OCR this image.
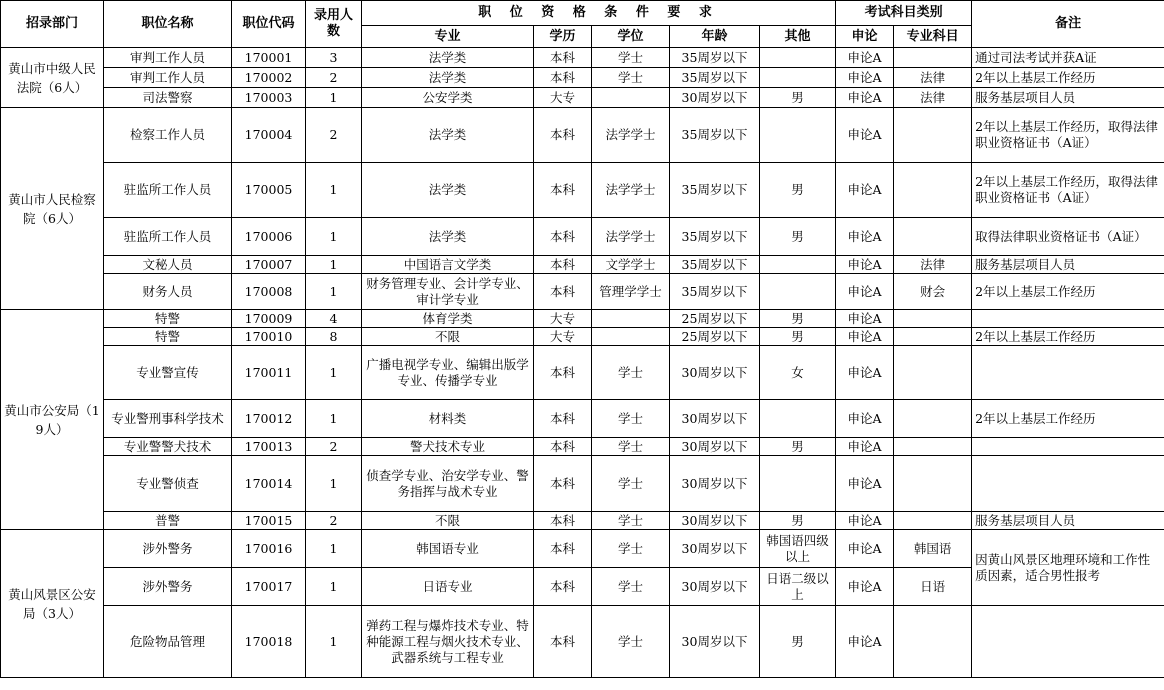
招录部门	职位名称	职位代码	录用人数	职 位 资 格 条 件 要 求					考试科目类别		备注
				专业	学历	学位	年龄	其他	申论	专业科目	
黄山市中级人民法院（6人）	审判工作人员	170001	3	法学类	本科	学士	35周岁以下		申论A		通过司法考试并获A证
	审判工作人员	170002	2	法学类	本科	学士	35周岁以下		申论A	法律	2年以上基层工作经历
	司法警察	170003	1	公安学类	大专		30周岁以下	男	申论A	法律	服务基层项目人员
黄山市人民检察院（6人）	检察工作人员	170004	2	法学类	本科	法学学士	35周岁以下		申论A		2年以上基层工作经历，取得法律职业资格证书（A证）
	驻监所工作人员	170005	1	法学类	本科	法学学士	35周岁以下	男	申论A		2年以上基层工作经历，取得法律职业资格证书（A证）
	驻监所工作人员	170006	1	法学类	本科	法学学士	35周岁以下	男	申论A		取得法律职业资格证书（A证）
	文秘人员	170007	1	中国语言文学类	本科	文学学士	35周岁以下		申论A	法律	服务基层项目人员
	财务人员	170008	1	财务管理专业、会计学专业、审计学专业	本科	管理学学士	35周岁以下		申论A	财会	2年以上基层工作经历
黄山市公安局（19人）	特警	170009	4	体育学类	大专		25周岁以下	男	申论A		
	特警	170010	8	不限	大专		25周岁以下	男	申论A		2年以上基层工作经历
	专业警宣传	170011	1	广播电视学专业、编辑出版学专业、传播学专业	本科	学士	30周岁以下	女	申论A		
	专业警刑事科学技术	170012	1	材料类	本科	学士	30周岁以下		申论A		2年以上基层工作经历
	专业警警犬技术	170013	2	警犬技术专业	本科	学士	30周岁以下	男	申论A		
	专业警侦查	170014	1	侦查学专业、治安学专业、警务指挥与战术专业	本科	学士	30周岁以下		申论A		
	普警	170015	2	不限	本科	学士	30周岁以下	男	申论A		服务基层项目人员
黄山风景区公安局（3人）	涉外警务	170016	1	韩国语专业	本科	学士	30周岁以下	韩国语四级以上	申论A	韩国语	因黄山风景区地理环境和工作性质因素，适合男性报考
	涉外警务	170017	1	日语专业	本科	学士	30周岁以下	日语二级以上	申论A	日语	
	危险物品管理	170018	1	弹药工程与爆炸技术专业、特种能源工程与烟火技术专业、武器系统与工程专业	本科	学士	30周岁以下	男	申论A		
